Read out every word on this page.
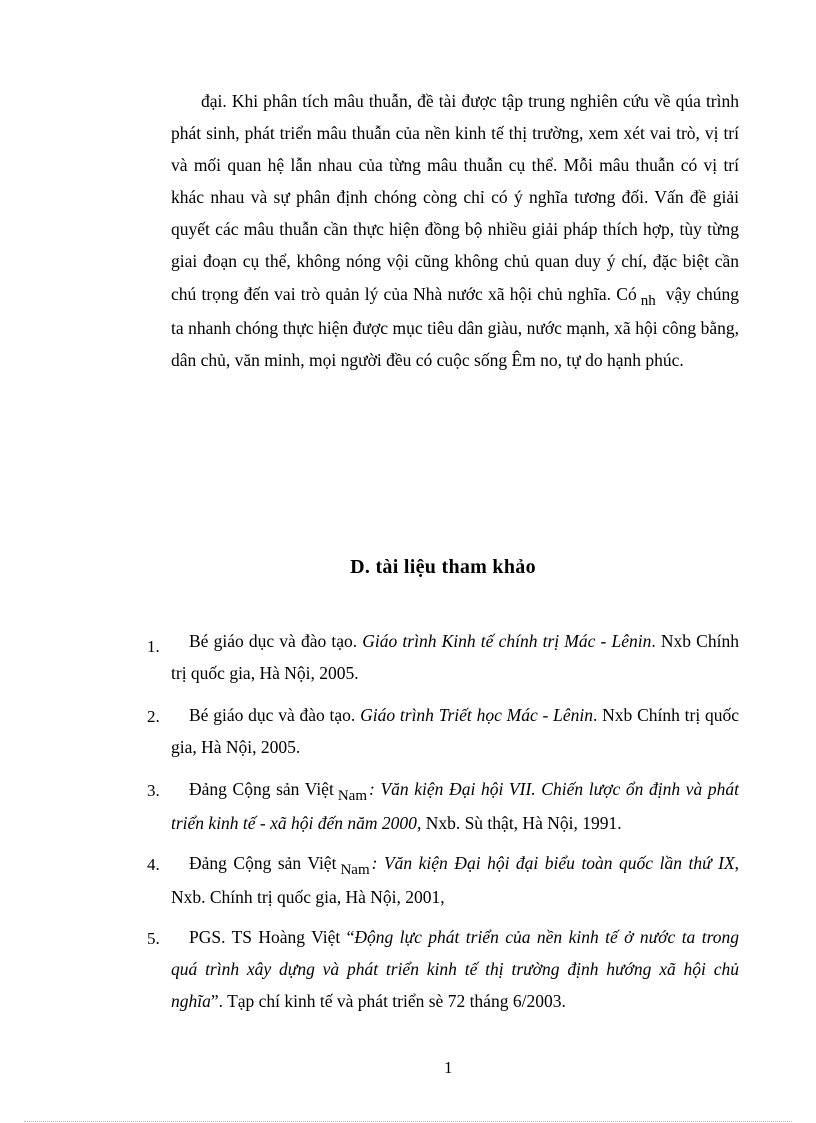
đại. Khi phân tích mâu thuẫn, đề tài được tập trung nghiên cứu về qúa trình phát sinh, phát triển mâu thuẫn của nền kinh tế thị trường, xem xét vai trò, vị trí và mối quan hệ lẫn nhau của từng mâu thuẫn cụ thể. Mỗi mâu thuẫn có vị trí khác nhau và sự phân định chóng còng chỉ có ý nghĩa tương đối. Vấn đề giải quyết các mâu thuẫn cần thực hiện đồng bộ nhiều giải pháp thích hợp, tùy từng giai đoạn cụ thể, không nóng vội cũng không chủ quan duy ý chí, đặc biệt cần chú trọng đến vai trò quản lý của Nhà nước xã hội chủ nghĩa. Có nh vậy chúng ta nhanh chóng thực hiện được mục tiêu dân giàu, nước mạnh, xã hội công bằng, dân chủ, văn minh, mọi người đều có cuộc sống Êm no, tự do hạnh phúc.

D. tài liệu tham khảo
1.	Bé giáo dục và đào tạo. Giáo trình Kinh tế chính trị Mác - Lênin. Nxb Chính trị quốc gia, Hà Nội, 2005.

2.	Bé giáo dục và đào tạo. Giáo trình Triết học Mác - Lênin. Nxb Chính trị quốc gia, Hà Nội, 2005.

3.	Đảng Cộng sản Việt Nam : Văn kiện Đại hội VII. Chiến lược ổn định và phát triển kinh tế - xã hội đến năm 2000, Nxb. Sù thật, Hà Nội, 1991.

4.	Đảng Cộng sản Việt Nam : Văn kiện Đại hội đại biểu toàn quốc lần thứ IX, Nxb. Chính trị quốc gia, Hà Nội, 2001,

5.	PGS. TS Hoàng Việt “Động lực phát triển của nền kinh tế ở nước ta trong quá trình xây dựng và phát triển kinh tế thị trường định hướng xã hội chủ nghĩa”. Tạp chí kinh tế và phát triển sè 72 tháng 6/2003.

1
